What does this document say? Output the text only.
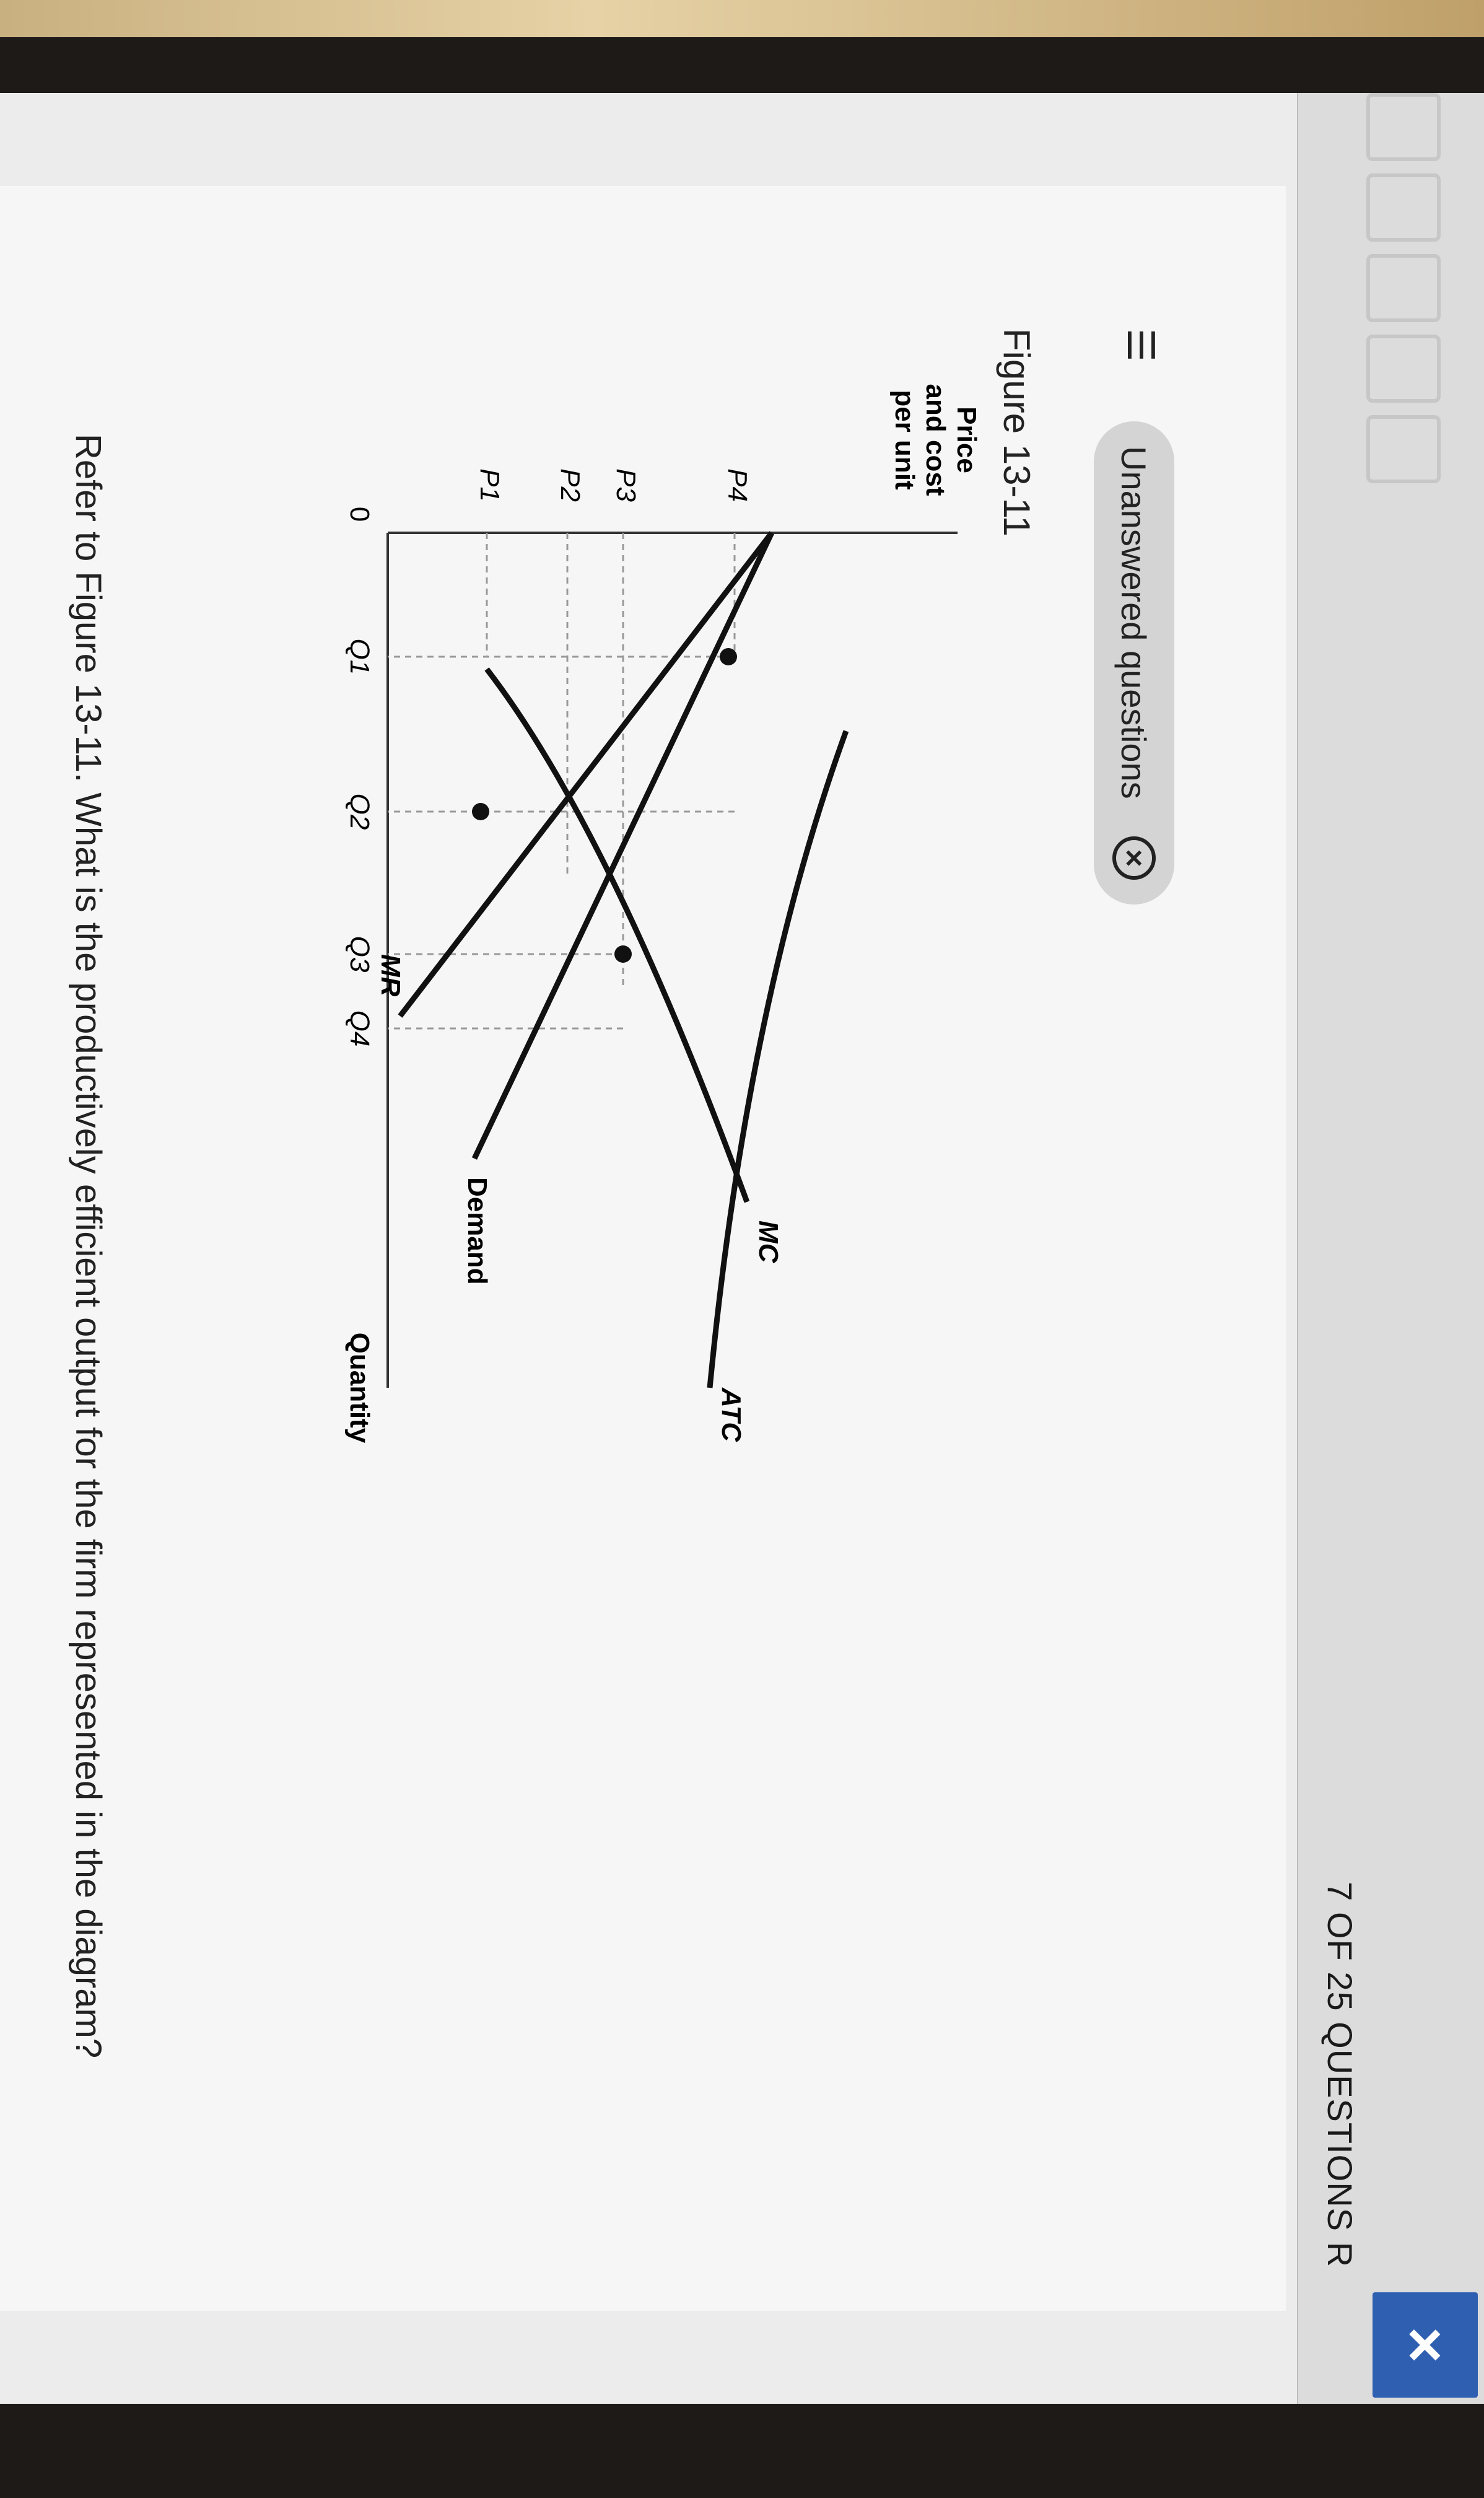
7 OF 25 QUESTIONS R
×
☰
Unanswered questions
×
Figure 13-11
Price
and cost
per unit
MC
ATC
MR
Demand
P4
P3
P2
P1
0
Q1
Q2
Q3
Q4
Quantity
Refer to Figure 13-11. What is the productively efficient output for the firm represented in the diagram?
